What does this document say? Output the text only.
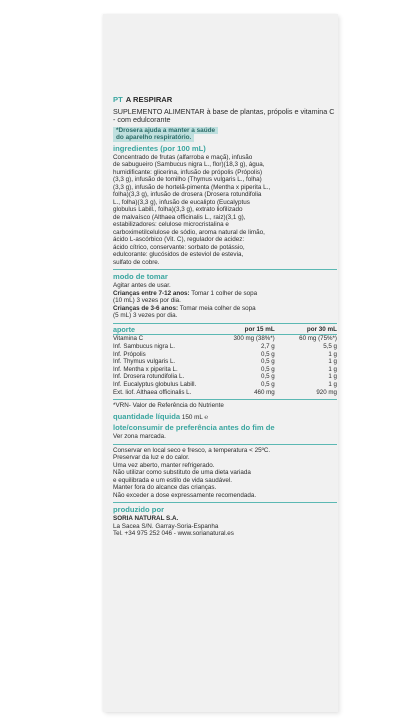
PT A RESPIRAR
SUPLEMENTO ALIMENTAR à base de plantas, própolis e vitamina C - com edulcorante
*Drosera ajuda a manter a saúde
do aparelho respiratório.
ingredientes (por 100 mL)
Concentrado de frutas (alfarroba e maçã), infusão
de sabugueiro (Sambucus nigra L., flor)(18,3 g), água,
humidificante: glicerina, infusão de própolis (Própolis)
(3,3 g), infusão de tomilho (Thymus vulgaris L., folha)
(3,3 g), infusão de hortelã-pimenta (Mentha x piperita L.,
folha)(3,3 g), infusão de drosera (Drosera rotundifolia
L., folha)(3,3 g), infusão de eucalipto (Eucalyptus
globulus Labill., folha)(3,3 g), extrato liofilizado
de malvaísco (Althaea officinalis L., raiz)(3,1 g),
estabilizadores: celulose microcristalina e
carboximetilcelulose de sódio, aroma natural de limão,
ácido L-ascórbico (Vit. C), regulador de acidez:
ácido cítrico, conservante: sorbato de potássio,
edulcorante: glucósidos de esteviol de estevia,
sulfato de cobre.
modo de tomar
Agitar antes de usar.
Crianças entre 7-12 anos: Tomar 1 colher de sopa
(10 mL) 3 vezes por dia.
Crianças de 3-6 anos: Tomar meia colher de sopa
(5 mL) 3 vezes por dia.
aporte	por 15 mL	por 30 mL
Vitamina C	300 mg (38%*)	60 mg (75%*)
Inf. Sambucus nigra L.	2,7 g	5,5 g
Inf. Própolis	0,5 g	1 g
Inf. Thymus vulgaris L.	0,5 g	1 g
Inf. Mentha x piperita L.	0,5 g	1 g
Inf. Drosera rotundifolia L.	0,5 g	1 g
Inf. Eucalyptus globulus Labill.	0,5 g	1 g
Ext. liof. Althaea officinalis L.	460 mg	920 mg
*VRN- Valor de Referência do Nutriente
quantidade líquida 150 mL ℮
lote/consumir de preferência antes do fim de
Ver zona marcada.
Conservar en local seco e fresco, a temperatura < 25ºC.
Preservar da luz e do calor.
Uma vez aberto, manter refrigerado.
Não utilizar como substituto de uma dieta variada
e equilibrada e um estilo de vida saudável.
Manter fora do alcance das crianças.
Não exceder a dose expressamente recomendada.
produzido por
SORIA NATURAL S.A.
La Sacea S/N. Garray-Soria-Espanha
Tel. +34 975 252 046 - www.sorianatural.es
